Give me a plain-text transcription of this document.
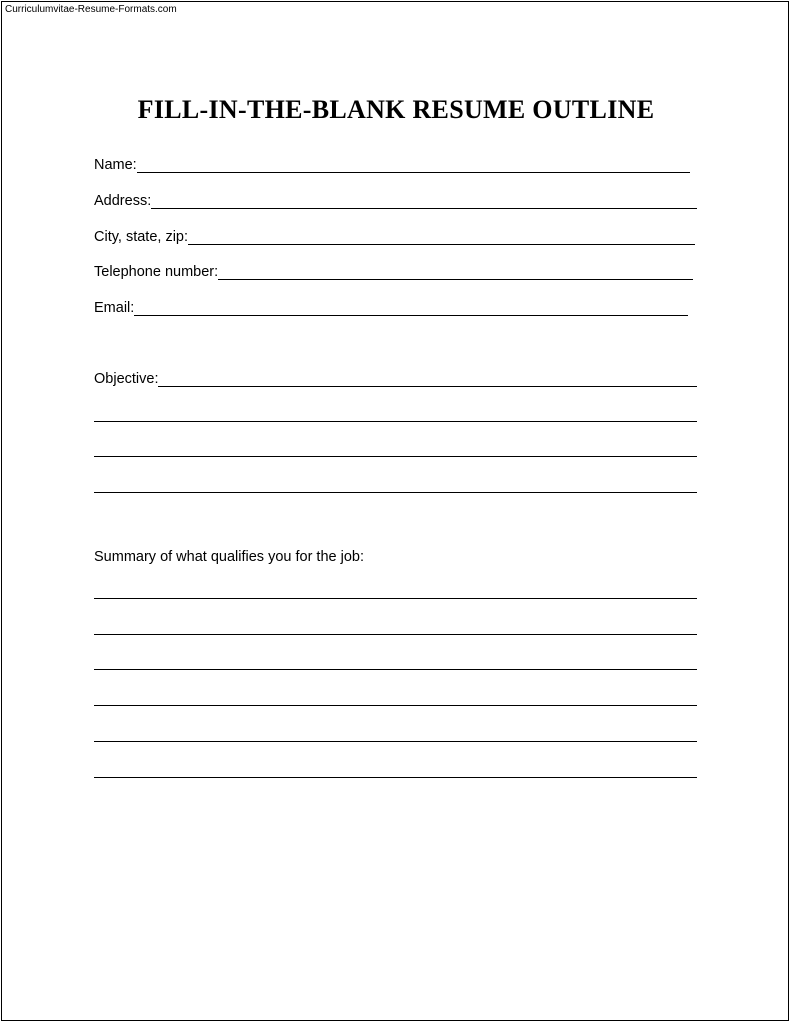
Curriculumvitae-Resume-Formats.com
FILL-IN-THE-BLANK RESUME OUTLINE
Name:
Address:
City, state, zip:
Telephone number:
Email:
Objective:
Summary of what qualifies you for the job:
